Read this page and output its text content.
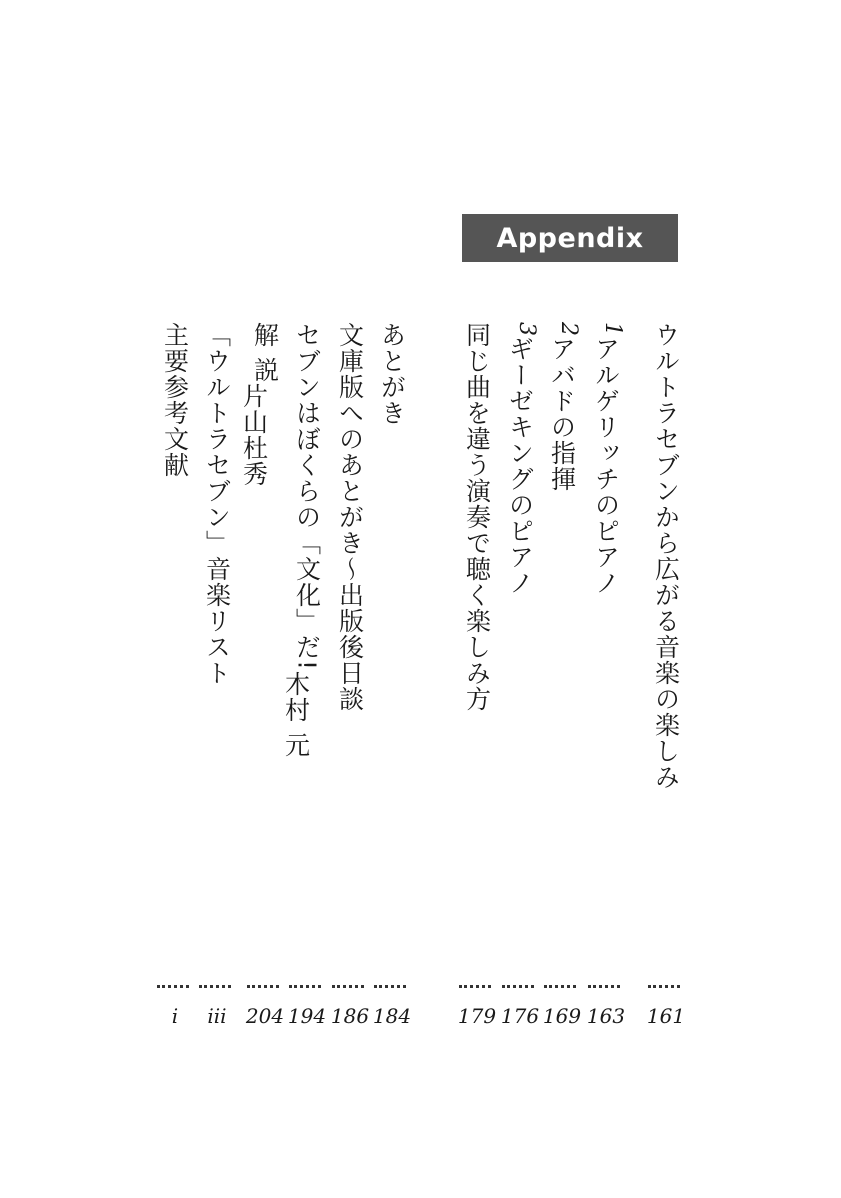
Appendix
ウルトラセブンから広がる音楽の楽しみ
161
1
アルゲリッチのピアノ
163
2
アバドの指揮
169
3
ギーゼキングのピアノ
176
同じ曲を違う演奏で聴く楽しみ方
179
あとがき
184
文庫版へのあとがき～出版後日談
186
セブンはぼくらの「文化」だ!
木村 元
194
解 説
片山杜秀
204
「ウルトラセブン」音楽リスト
iii
主要参考文献
i
